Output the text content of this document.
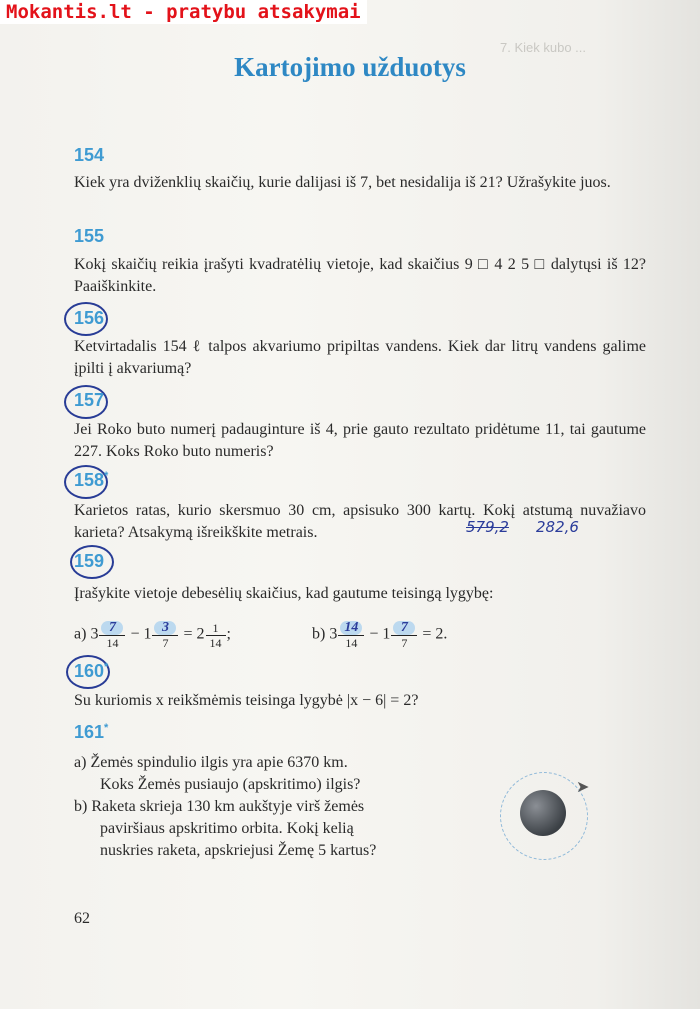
7. Kiek kubo ...
Mokantis.lt - pratybu atsakymai
Kartojimo užduotys
154
Kiek yra dviženklių skaičių, kurie dalijasi iš 7, bet nesidalija iš 21? Užrašykite juos.
155
Kokį skaičių reikia įrašyti kvadratėlių vietoje, kad skaičius 9 □ 4 2 5 □ dalytųsi iš 12? Paaiškinkite.
156
Ketvirtadalis 154 ℓ talpos akvariumo pripiltas vandens. Kiek dar litrų vandens galime įpilti į akvariumą?
157
Jei Roko buto numerį padauginture iš 4, prie gauto rezultato pridėtume 11, tai gautume 227. Koks Roko buto numeris?
158*
Karietos ratas, kurio skersmuo 30 cm, apsisuko 300 kartų. Kokį atstumą nuvažiavo karieta? Atsakymą išreikškite metrais.	579,2 282,6
159
Įrašykite vietoje debesėlių skaičius, kad gautume teisingą lygybę:
a) $3 \frac{7}{14} - 1 \frac{3}{7} = 2 \frac{1}{14}$ ;	b) $3 \frac{14}{14} - 1 \frac{7}{7} = 2$.
160*
Su kuriomis x reikšmėmis teisinga lygybė |x − 6| = 2?
161*
a) Žemės spindulio ilgis yra apie 6370 km.
Koks Žemės pusiaujo (apskritimo) ilgis?
b) Raketa skrieja 130 km aukštyje virš žemės
paviršiaus apskritimo orbita. Kokį kelią
nuskries raketa, apskriejusi Žemę 5 kartus?
➤
62
